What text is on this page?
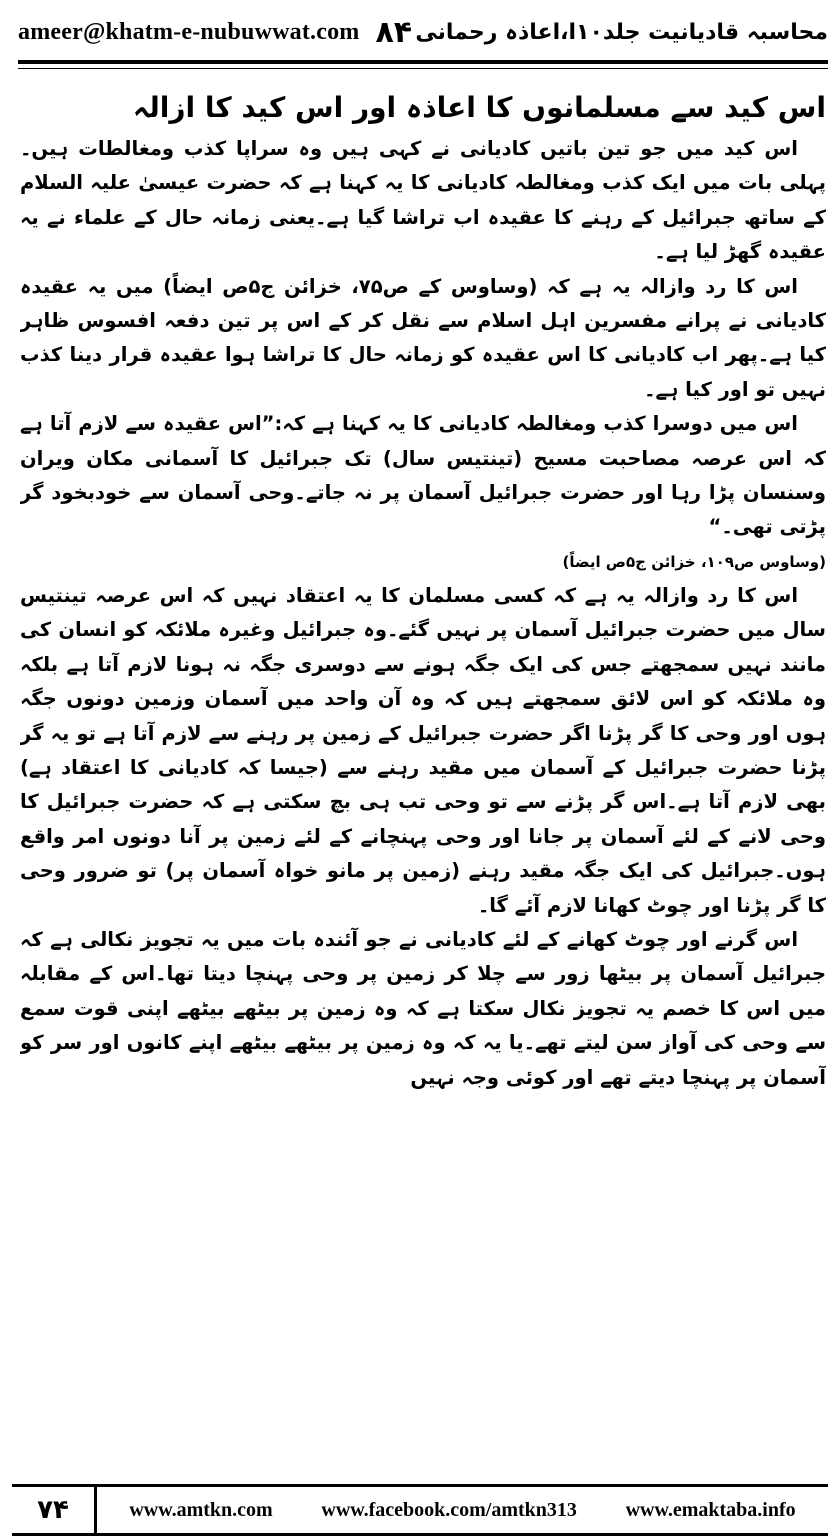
ameer@khatm-e-nubuwwat.com ۸۴ محاسبہ قادیانیت جلد۱۰ا،اعاذہ رحمانی
اس کید سے مسلمانوں کا اعاذہ اور اس کید کا ازالہ

اس کید میں جو تین باتیں کادیانی نے کہی ہیں وہ سراپا کذب ومغالطات ہیں۔پہلی بات میں ایک کذب ومغالطہ کادیانی کا یہ کہنا ہے کہ حضرت عیسیٰ علیہ السلام کے ساتھ جبرائیل کے رہنے کا عقیدہ اب تراشا گیا ہے۔یعنی زمانہ حال کے علماء نے یہ عقیدہ گھڑ لیا ہے۔

اس کا رد وازالہ یہ ہے کہ (وساوس کے ص۷۵، خزائن ج۵ص ایضاً) میں یہ عقیدہ کادیانی نے پرانے مفسرین اہل اسلام سے نقل کر کے اس پر تین دفعہ افسوس ظاہر کیا ہے۔پھر اب کادیانی کا اس عقیدہ کو زمانہ حال کا تراشا ہوا عقیدہ قرار دینا کذب نہیں تو اور کیا ہے۔

اس میں دوسرا کذب ومغالطہ کادیانی کا یہ کہنا ہے کہ:”اس عقیدہ سے لازم آتا ہے کہ اس عرصہ مصاحبت مسیح (تینتیس سال) تک جبرائیل کا آسمانی مکان ویران وسنسان پڑا رہا اور حضرت جبرائیل آسمان پر نہ جاتے۔وحی آسمان سے خودبخود گر پڑتی تھی۔“

(وساوس ص۱۰۹، خزائن ج۵ص ایضاً)

اس کا رد وازالہ یہ ہے کہ کسی مسلمان کا یہ اعتقاد نہیں کہ اس عرصہ تینتیس سال میں حضرت جبرائیل آسمان پر نہیں گئے۔وہ جبرائیل وغیرہ ملائکہ کو انسان کی مانند نہیں سمجھتے جس کی ایک جگہ ہونے سے دوسری جگہ نہ ہونا لازم آتا ہے بلکہ وہ ملائکہ کو اس لائق سمجھتے ہیں کہ وہ آن واحد میں آسمان وزمین دونوں جگہ ہوں اور وحی کا گر پڑنا اگر حضرت جبرائیل کے زمین پر رہنے سے لازم آتا ہے تو یہ گر پڑنا حضرت جبرائیل کے آسمان میں مقید رہنے سے (جیسا کہ کادیانی کا اعتقاد ہے) بھی لازم آتا ہے۔اس گر پڑنے سے تو وحی تب ہی بچ سکتی ہے کہ حضرت جبرائیل کا وحی لانے کے لئے آسمان پر جانا اور وحی پہنچانے کے لئے زمین پر آنا دونوں امر واقع ہوں۔جبرائیل کی ایک جگہ مقید رہنے (زمین پر مانو خواہ آسمان پر) تو ضرور وحی کا گر پڑنا اور چوٹ کھانا لازم آئے گا۔

اس گرنے اور چوٹ کھانے کے لئے کادیانی نے جو آئندہ بات میں یہ تجویز نکالی ہے کہ جبرائیل آسمان پر بیٹھا زور سے چلا کر زمین پر وحی پہنچا دیتا تھا۔اس کے مقابلہ میں اس کا خصم یہ تجویز نکال سکتا ہے کہ وہ زمین پر بیٹھے بیٹھے اپنی قوت سمع سے وحی کی آواز سن لیتے تھے۔یا یہ کہ وہ زمین پر بیٹھے بیٹھے اپنے کانوں اور سر کو آسمان پر پہنچا دیتے تھے اور کوئی وجہ نہیں

۷۴	www.amtkn.com www.facebook.com/amtkn313 www.emaktaba.info
